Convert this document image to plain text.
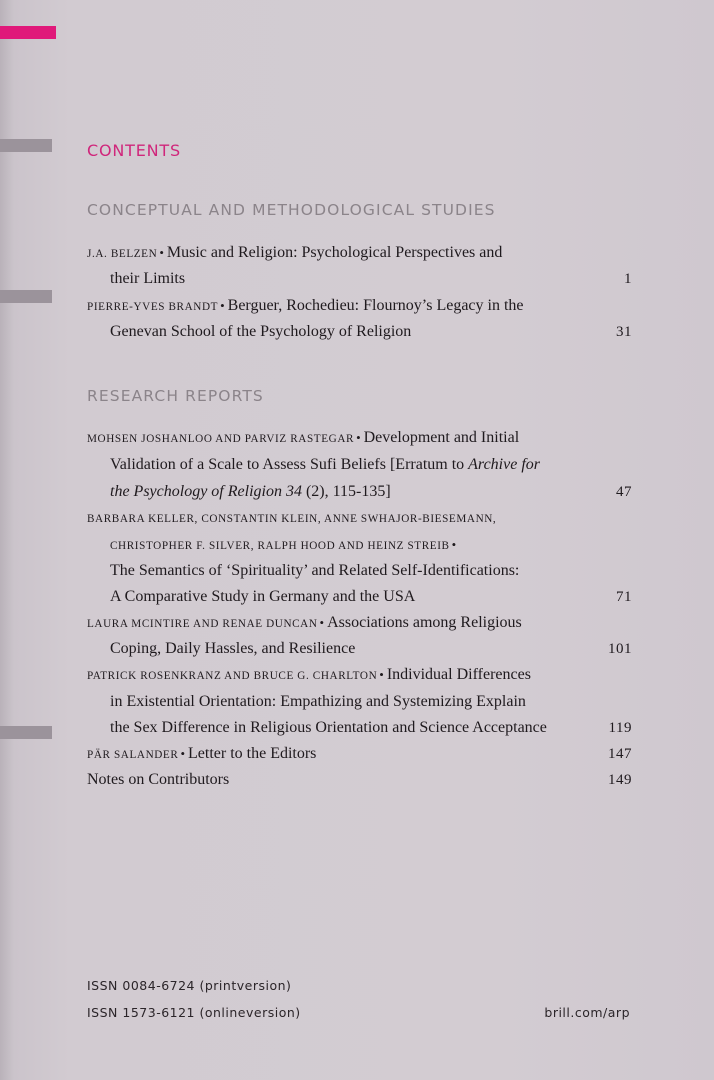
CONTENTS
CONCEPTUAL AND METHODOLOGICAL STUDIES
J.A. BELZEN • Music and Religion: Psychological Perspectives and
their Limits	1
PIERRE-YVES BRANDT • Berguer, Rochedieu: Flournoy’s Legacy in the
Genevan School of the Psychology of Religion	31
RESEARCH REPORTS
MOHSEN JOSHANLOO AND PARVIZ RASTEGAR • Development and Initial
Validation of a Scale to Assess Sufi Beliefs [Erratum to Archive for
the Psychology of Religion 34 (2), 115-135]	47
BARBARA KELLER, CONSTANTIN KLEIN, ANNE SWHAJOR-BIESEMANN,
CHRISTOPHER F. SILVER, RALPH HOOD AND HEINZ STREIB •
The Semantics of ‘Spirituality’ and Related Self-Identifications:
A Comparative Study in Germany and the USA	71
LAURA MCINTIRE AND RENAE DUNCAN • Associations among Religious
Coping, Daily Hassles, and Resilience	101
PATRICK ROSENKRANZ AND BRUCE G. CHARLTON • Individual Differences
in Existential Orientation: Empathizing and Systemizing Explain
the Sex Difference in Religious Orientation and Science Acceptance	119
PÄR SALANDER • Letter to the Editors	147
Notes on Contributors	149
ISSN 0084-6724 (printversion)
ISSN 1573-6121 (onlineversion)	brill.com/arp
